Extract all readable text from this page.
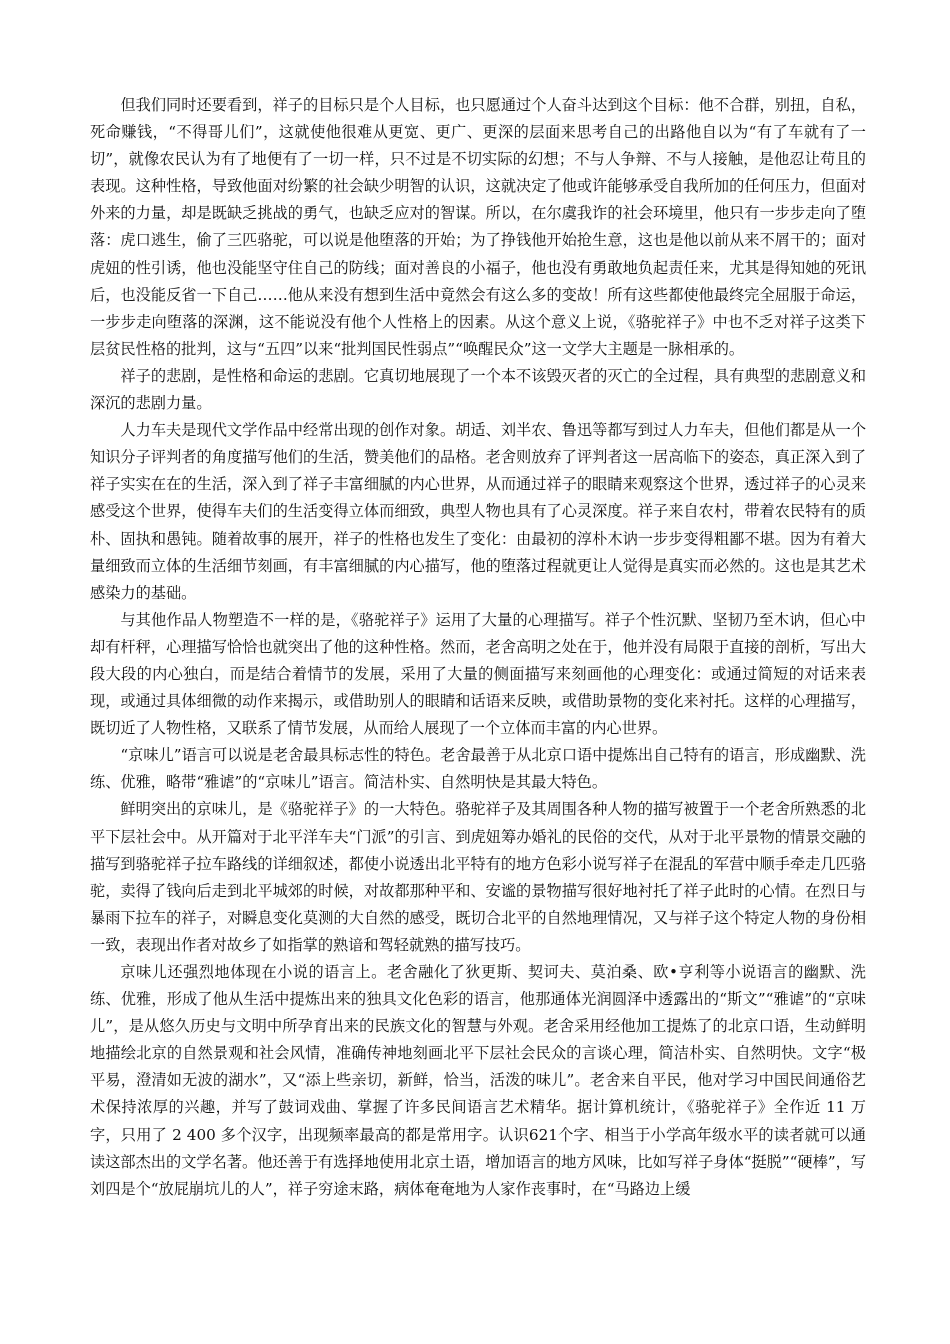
但我们同时还要看到，祥子的目标只是个人目标，也只愿通过个人奋斗达到这个目标：他不合群，别扭，自私，死命赚钱，“不得哥儿们”，这就使他很难从更宽、更广、更深的层面来思考自己的出路他自以为“有了车就有了一切”，就像农民认为有了地便有了一切一样，只不过是不切实际的幻想；不与人争辩、不与人接触，是他忍让苟且的表现。这种性格，导致他面对纷繁的社会缺少明智的认识，这就决定了他或许能够承受自我所加的任何压力，但面对外来的力量，却是既缺乏挑战的勇气，也缺乏应对的智谋。所以，在尔虞我诈的社会环境里，他只有一步步走向了堕落：虎口逃生，偷了三匹骆驼，可以说是他堕落的开始；为了挣钱他开始抢生意，这也是他以前从来不屑干的；面对虎妞的性引诱，他也没能坚守住自己的防线；面对善良的小福子，他也没有勇敢地负起责任来，尤其是得知她的死讯后，也没能反省一下自己……他从来没有想到生活中竟然会有这么多的变故！所有这些都使他最终完全屈服于命运，一步步走向堕落的深渊，这不能说没有他个人性格上的因素。从这个意义上说，《骆驼祥子》中也不乏对祥子这类下层贫民性格的批判，这与“五四”以来“批判国民性弱点”“唤醒民众”这一文学大主题是一脉相承的。

祥子的悲剧，是性格和命运的悲剧。它真切地展现了一个本不该毁灭者的灭亡的全过程，具有典型的悲剧意义和深沉的悲剧力量。

人力车夫是现代文学作品中经常出现的创作对象。胡适、刘半农、鲁迅等都写到过人力车夫，但他们都是从一个知识分子评判者的角度描写他们的生活，赞美他们的品格。老舍则放弃了评判者这一居高临下的姿态，真正深入到了祥子实实在在的生活，深入到了祥子丰富细腻的内心世界，从而通过祥子的眼睛来观察这个世界，透过祥子的心灵来感受这个世界，使得车夫们的生活变得立体而细致，典型人物也具有了心灵深度。祥子来自农村，带着农民特有的质朴、固执和愚钝。随着故事的展开，祥子的性格也发生了变化：由最初的淳朴木讷一步步变得粗鄙不堪。因为有着大量细致而立体的生活细节刻画，有丰富细腻的内心描写，他的堕落过程就更让人觉得是真实而必然的。这也是其艺术感染力的基础。

与其他作品人物塑造不一样的是，《骆驼祥子》运用了大量的心理描写。祥子个性沉默、坚韧乃至木讷，但心中却有杆秤，心理描写恰恰也就突出了他的这种性格。然而，老舍高明之处在于，他并没有局限于直接的剖析，写出大段大段的内心独白，而是结合着情节的发展，采用了大量的侧面描写来刻画他的心理变化：或通过简短的对话来表现，或通过具体细微的动作来揭示，或借助别人的眼睛和话语来反映，或借助景物的变化来衬托。这样的心理描写，既切近了人物性格，又联系了情节发展，从而给人展现了一个立体而丰富的内心世界。

“京味儿”语言可以说是老舍最具标志性的特色。老舍最善于从北京口语中提炼出自己特有的语言，形成幽默、洗练、优雅，略带“雅谑”的“京味儿”语言。简洁朴实、自然明快是其最大特色。

鲜明突出的京味儿，是《骆驼祥子》的一大特色。骆驼祥子及其周围各种人物的描写被置于一个老舍所熟悉的北平下层社会中。从开篇对于北平洋车夫“门派”的引言、到虎妞筹办婚礼的民俗的交代，从对于北平景物的情景交融的描写到骆驼祥子拉车路线的详细叙述，都使小说透出北平特有的地方色彩小说写祥子在混乱的军营中顺手牵走几匹骆驼，卖得了钱向后走到北平城郊的时候，对故都那种平和、安谧的景物描写很好地衬托了祥子此时的心情。在烈日与暴雨下拉车的祥子，对瞬息变化莫测的大自然的感受，既切合北平的自然地理情况，又与祥子这个特定人物的身份相一致，表现出作者对故乡了如指掌的熟谙和驾轻就熟的描写技巧。

京味儿还强烈地体现在小说的语言上。老舍融化了狄更斯、契诃夫、莫泊桑、欧•亨利等小说语言的幽默、洗练、优雅，形成了他从生活中提炼出来的独具文化色彩的语言，他那通体光润圆泽中透露出的“斯文”“雅谑”的“京味儿”，是从悠久历史与文明中所孕育出来的民族文化的智慧与外观。老舍采用经他加工提炼了的北京口语，生动鲜明地描绘北京的自然景观和社会风情，准确传神地刻画北平下层社会民众的言谈心理，简洁朴实、自然明快。文字“极平易，澄清如无波的湖水”，又“添上些亲切，新鲜，恰当，活泼的味儿”。老舍来自平民，他对学习中国民间通俗艺术保持浓厚的兴趣，并写了鼓词戏曲、掌握了许多民间语言艺术精华。据计算机统计，《骆驼祥子》全作近 11 万字，只用了 2 400 多个汉字，出现频率最高的都是常用字。认识621个字、相当于小学高年级水平的读者就可以通读这部杰出的文学名著。他还善于有选择地使用北京土语，增加语言的地方风味，比如写祥子身体“挺脱”“硬棒”，写刘四是个“放屁崩坑儿的人”，祥子穷途末路，病体奄奄地为人家作丧事时，在“马路边上缓
